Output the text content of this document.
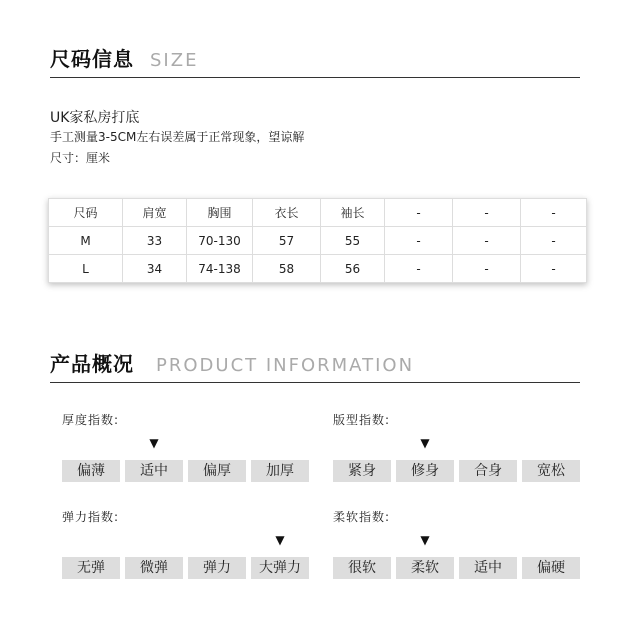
尺码信息 SIZE
UK家私房打底
手工测量3-5CM左右误差属于正常现象，望谅解
尺寸：厘米
尺码	肩宽	胸围	衣长	袖长	-	-	-
M	33	70-130	57	55	-	-	-
L	34	74-138	58	56	-	-	-
产品概况 PRODUCT INFORMATION
厚度指数:
▼
偏薄	适中	偏厚	加厚
版型指数:
▼
紧身	修身	合身	宽松
弹力指数:
▼
无弹	微弹	弹力	大弹力
柔软指数:
▼
很软	柔软	适中	偏硬
